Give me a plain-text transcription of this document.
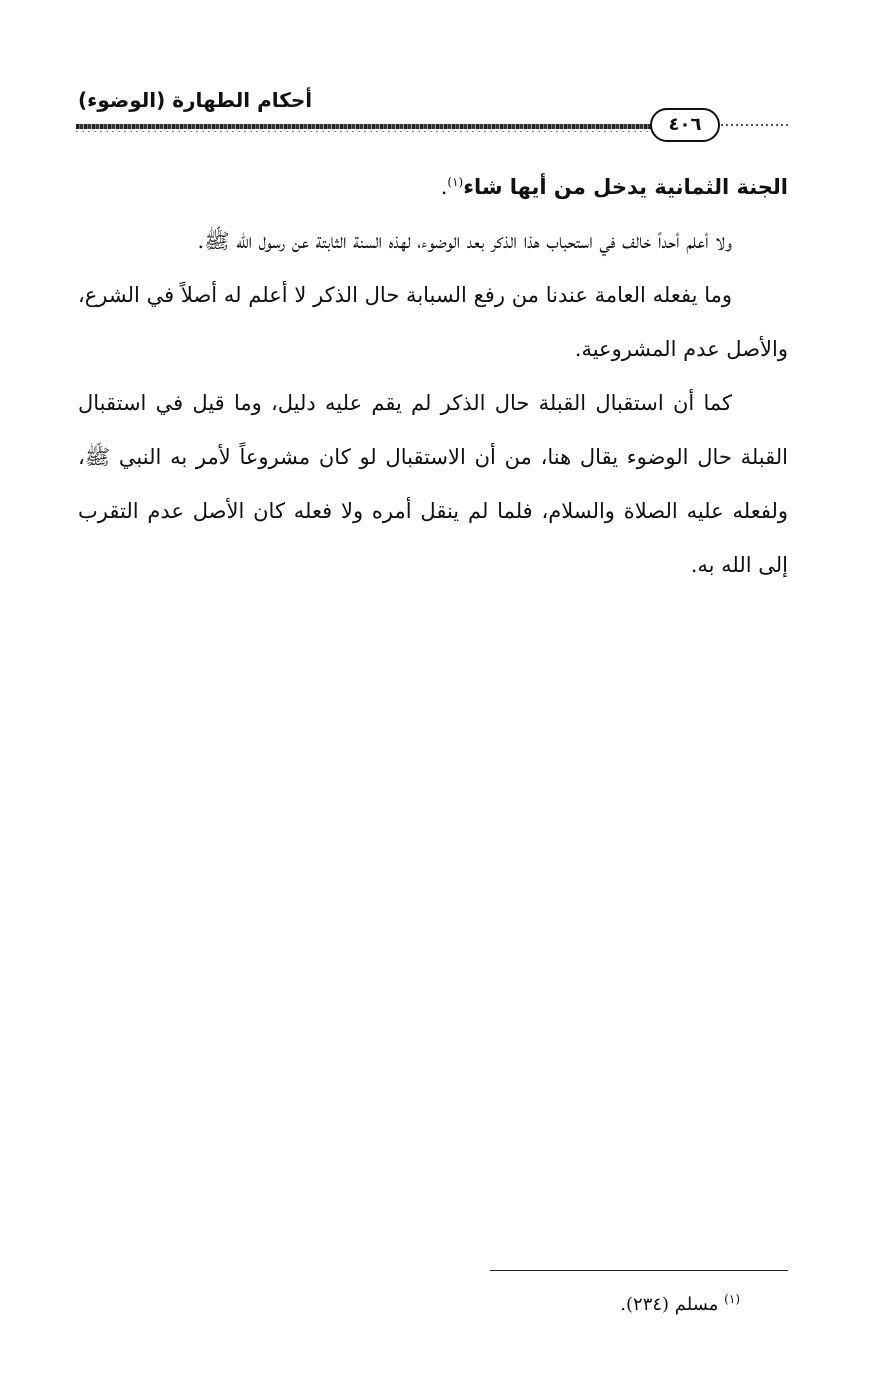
أحكام الطهارة (الوضوء)
٤٠٦

الجنة الثمانية يدخل من أيها شاء$^{(١)}$.

ولا أعلم أحداً خالف في استحباب هذا الذكر بعد الوضوء، لهذه السنة الثابتة عن رسول الله ﷺ.

وما يفعله العامة عندنا من رفع السبابة حال الذكر لا أعلم له أصلاً في الشرع، والأصل عدم المشروعية.

كما أن استقبال القبلة حال الذكر لم يقم عليه دليل، وما قيل في استقبال القبلة حال الوضوء يقال هنا، من أن الاستقبال لو كان مشروعاً لأمر به النبي ﷺ، ولفعله عليه الصلاة والسلام، فلما لم ينقل أمره ولا فعله كان الأصل عدم التقرب إلى الله به.

$^{(١)}$ مسلم (٢٣٤).
